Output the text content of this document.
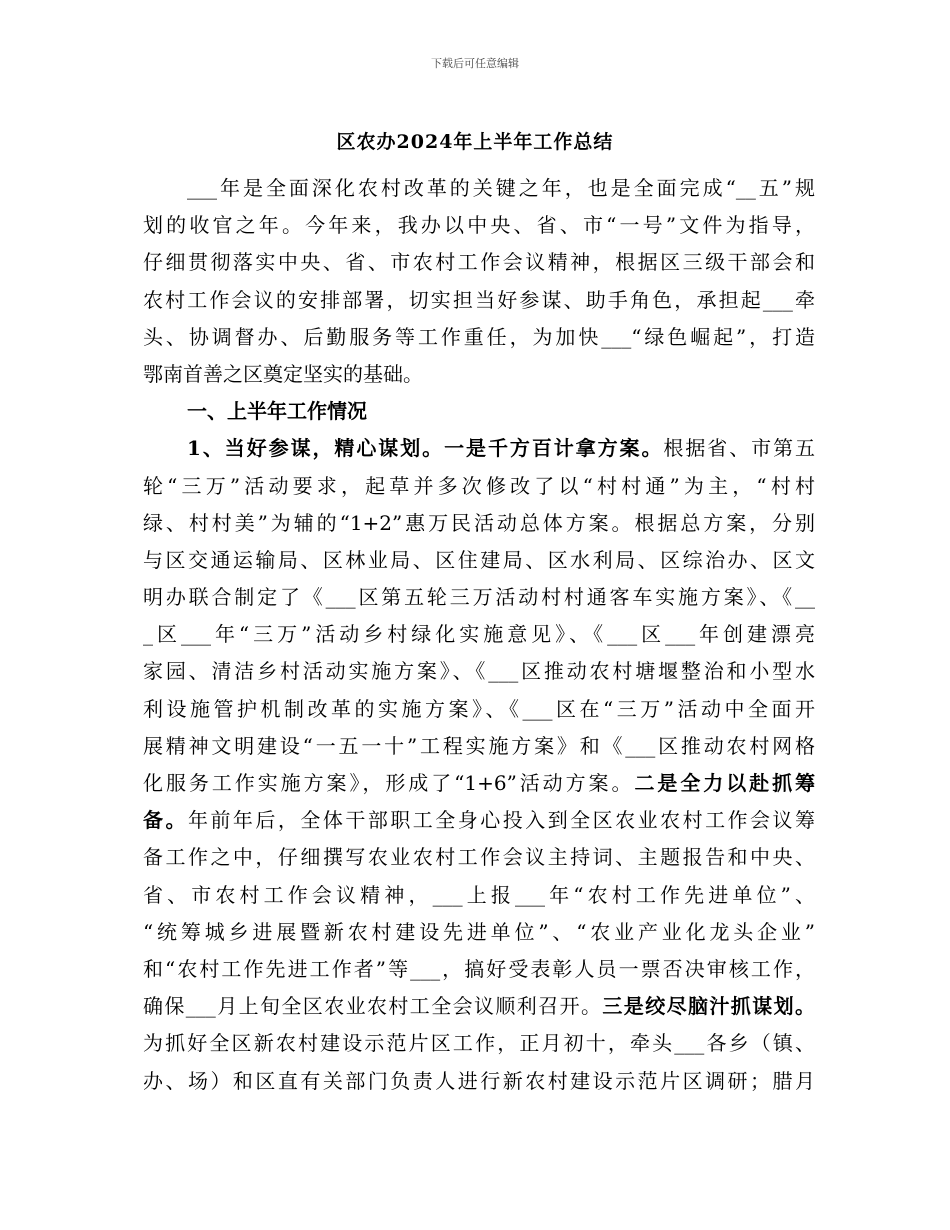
下载后可任意编辑
区农办2024年上半年工作总结
___年是全面深化农村改革的关键之年，也是全面完成“__五”规
划的收官之年。今年来，我办以中央、省、市“一号”文件为指导，
仔细贯彻落实中央、省、市农村工作会议精神，根据区三级干部会和
农村工作会议的安排部署，切实担当好参谋、助手角色，承担起___牵
头、协调督办、后勤服务等工作重任，为加快___“绿色崛起”，打造
鄂南首善之区奠定坚实的基础。
一、上半年工作情况
1、当好参谋，精心谋划。一是千方百计拿方案。根据省、市第五
轮“三万”活动要求，起草并多次修改了以“村村通”为主，“村村
绿、村村美”为辅的“1+2”惠万民活动总体方案。根据总方案，分别
与区交通运输局、区林业局、区住建局、区水利局、区综治办、区文
明办联合制定了《___区第五轮三万活动村村通客车实施方案》、《__
_区___年“三万”活动乡村绿化实施意见》、《___区___年创建漂亮
家园、清洁乡村活动实施方案》、《___区推动农村塘堰整治和小型水
利设施管护机制改革的实施方案》、《___区在“三万”活动中全面开
展精神文明建设“一五一十”工程实施方案》和《___区推动农村网格
化服务工作实施方案》，形成了“1+6”活动方案。二是全力以赴抓筹
备。年前年后，全体干部职工全身心投入到全区农业农村工作会议筹
备工作之中，仔细撰写农业农村工作会议主持词、主题报告和中央、
省、市农村工作会议精神，___上报___年“农村工作先进单位”、
“统筹城乡进展暨新农村建设先进单位”、“农业产业化龙头企业”
和“农村工作先进工作者”等___，搞好受表彰人员一票否决审核工作，
确保___月上旬全区农业农村工全会议顺利召开。三是绞尽脑汁抓谋划。
为抓好全区新农村建设示范片区工作，正月初十，牵头___各乡（镇、
办、场）和区直有关部门负责人进行新农村建设示范片区调研；腊月
